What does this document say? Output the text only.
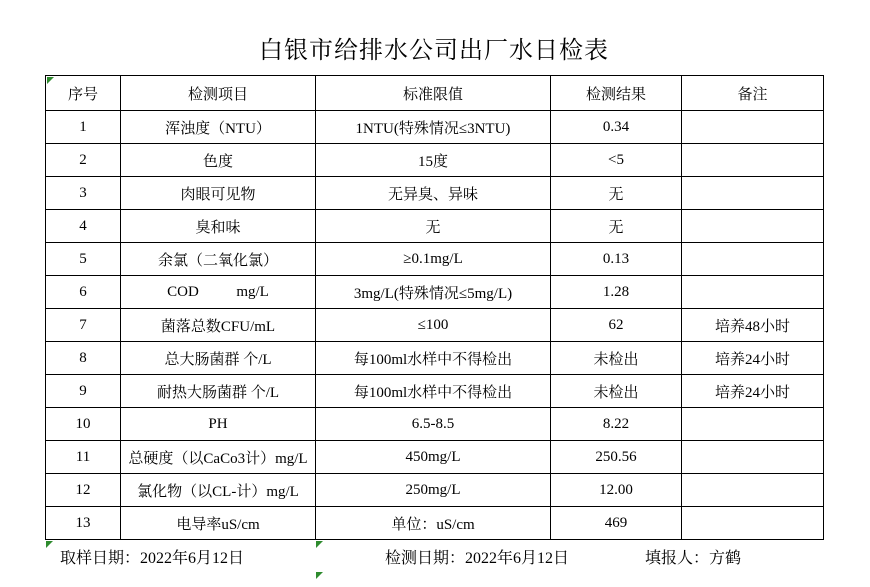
白银市给排水公司出厂水日检表
序号	检测项目	标准限值	检测结果	备注
1	浑浊度（NTU）	1NTU(特殊情况≤3NTU)	0.34	
2	色度	15度	<5	
3	肉眼可见物	无异臭、异味	无	
4	臭和味	无	无	
5	余氯（二氧化氯）	≥0.1mg/L	0.13	
6	COD          mg/L	3mg/L(特殊情况≤5mg/L)	1.28	
7	菌落总数CFU/mL	≤100	62	培养48小时
8	总大肠菌群 个/L	每100ml水样中不得检出	未检出	培养24小时
9	耐热大肠菌群 个/L	每100ml水样中不得检出	未检出	培养24小时
10	PH	6.5-8.5	8.22	
11	总硬度（以CaCo3计）mg/L	450mg/L	250.56	
12	氯化物（以CL-计）mg/L	250mg/L	12.00	
13	电导率uS/cm	单位：uS/cm	469	
取样日期：2022年6月12日	检测日期：2022年6月12日	填报人：方鹤
